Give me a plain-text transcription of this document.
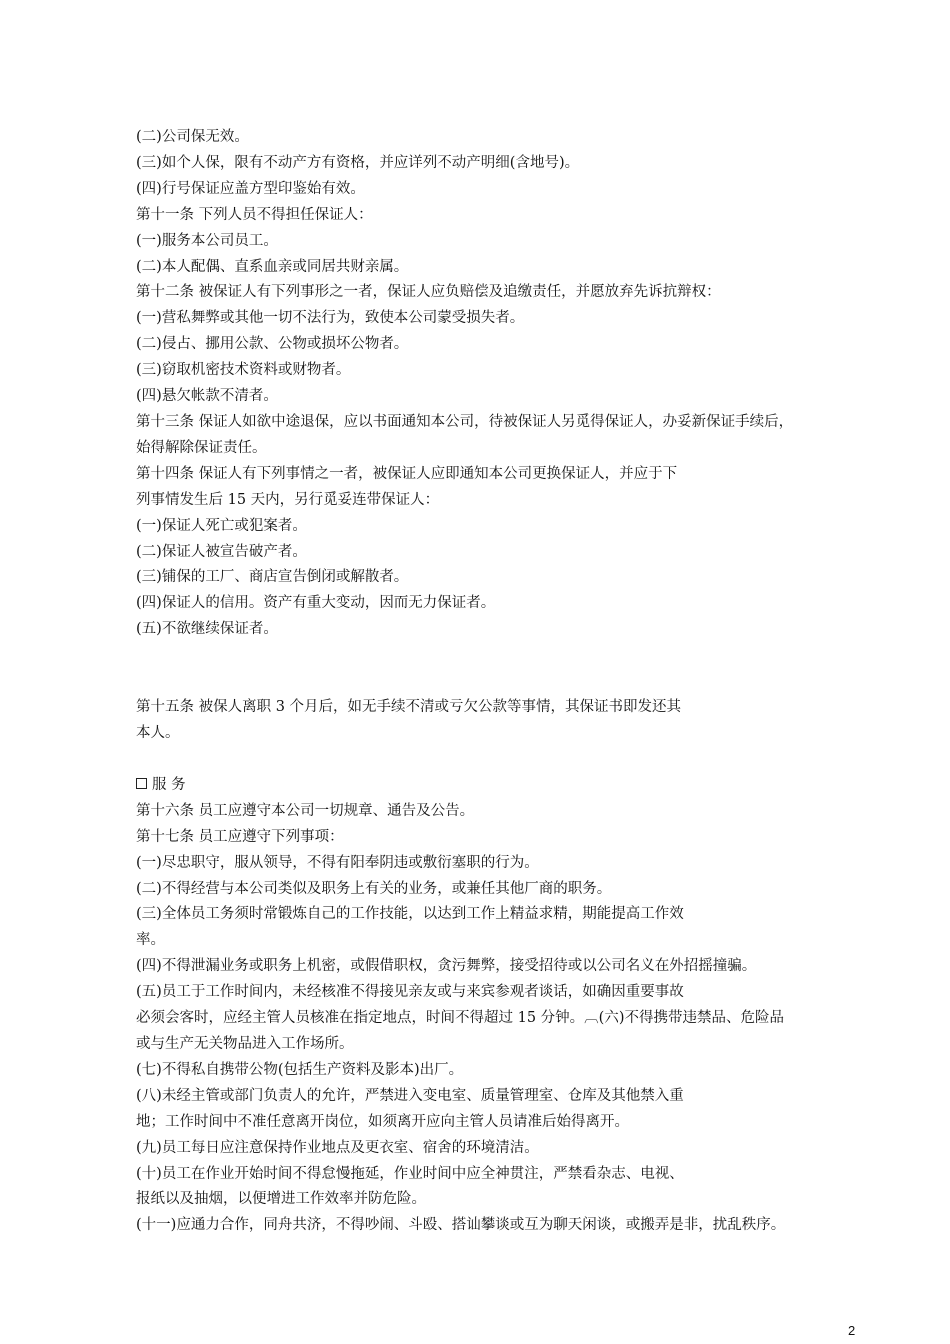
(二)公司保无效。
(三)如个人保，限有不动产方有资格，并应详列不动产明细(含地号)。
(四)行号保证应盖方型印鉴始有效。
第十一条 下列人员不得担任保证人：
(一)服务本公司员工。
(二)本人配偶、直系血亲或同居共财亲属。
第十二条 被保证人有下列事形之一者，保证人应负赔偿及追缴责任，并愿放弃先诉抗辩权：
(一)营私舞弊或其他一切不法行为，致使本公司蒙受损失者。
(二)侵占、挪用公款、公物或损坏公物者。
(三)窃取机密技术资料或财物者。
(四)悬欠帐款不清者。
第十三条 保证人如欲中途退保，应以书面通知本公司，待被保证人另觅得保证人，办妥新保证手续后，
始得解除保证责任。
第十四条 保证人有下列事情之一者，被保证人应即通知本公司更换保证人，并应于下
列事情发生后 15 天内，另行觅妥连带保证人：
(一)保证人死亡或犯案者。
(二)保证人被宣告破产者。
(三)铺保的工厂、商店宣告倒闭或解散者。
(四)保证人的信用。资产有重大变动，因而无力保证者。
(五)不欲继续保证者。
第十五条 被保人离职 3 个月后，如无手续不清或亏欠公款等事情，其保证书即发还其
本人。
服 务
第十六条 员工应遵守本公司一切规章、通告及公告。
第十七条 员工应遵守下列事项：
(一)尽忠职守，服从领导，不得有阳奉阴违或敷衍塞职的行为。
(二)不得经营与本公司类似及职务上有关的业务，或兼任其他厂商的职务。
(三)全体员工务须时常锻炼自己的工作技能，以达到工作上精益求精，期能提高工作效
率。
(四)不得泄漏业务或职务上机密，或假借职权，贪污舞弊，接受招待或以公司名义在外招摇撞骗。
(五)员工于工作时间内，未经核准不得接见亲友或与来宾参观者谈话，如确因重要事故
必须会客时，应经主管人员核准在指定地点，时间不得超过 15 分钟。︹(六)不得携带违禁品、危险品
或与生产无关物品进入工作场所。
(七)不得私自携带公物(包括生产资料及影本)出厂。
(八)未经主管或部门负责人的允许，严禁进入变电室、质量管理室、仓库及其他禁入重
地；工作时间中不准任意离开岗位，如须离开应向主管人员请准后始得离开。
(九)员工每日应注意保持作业地点及更衣室、宿舍的环境清洁。
(十)员工在作业开始时间不得怠慢拖延，作业时间中应全神贯注，严禁看杂志、电视、
报纸以及抽烟，以便增进工作效率并防危险。
(十一)应通力合作，同舟共济，不得吵闹、斗殴、搭讪攀谈或互为聊天闲谈，或搬弄是非，扰乱秩序。
2
